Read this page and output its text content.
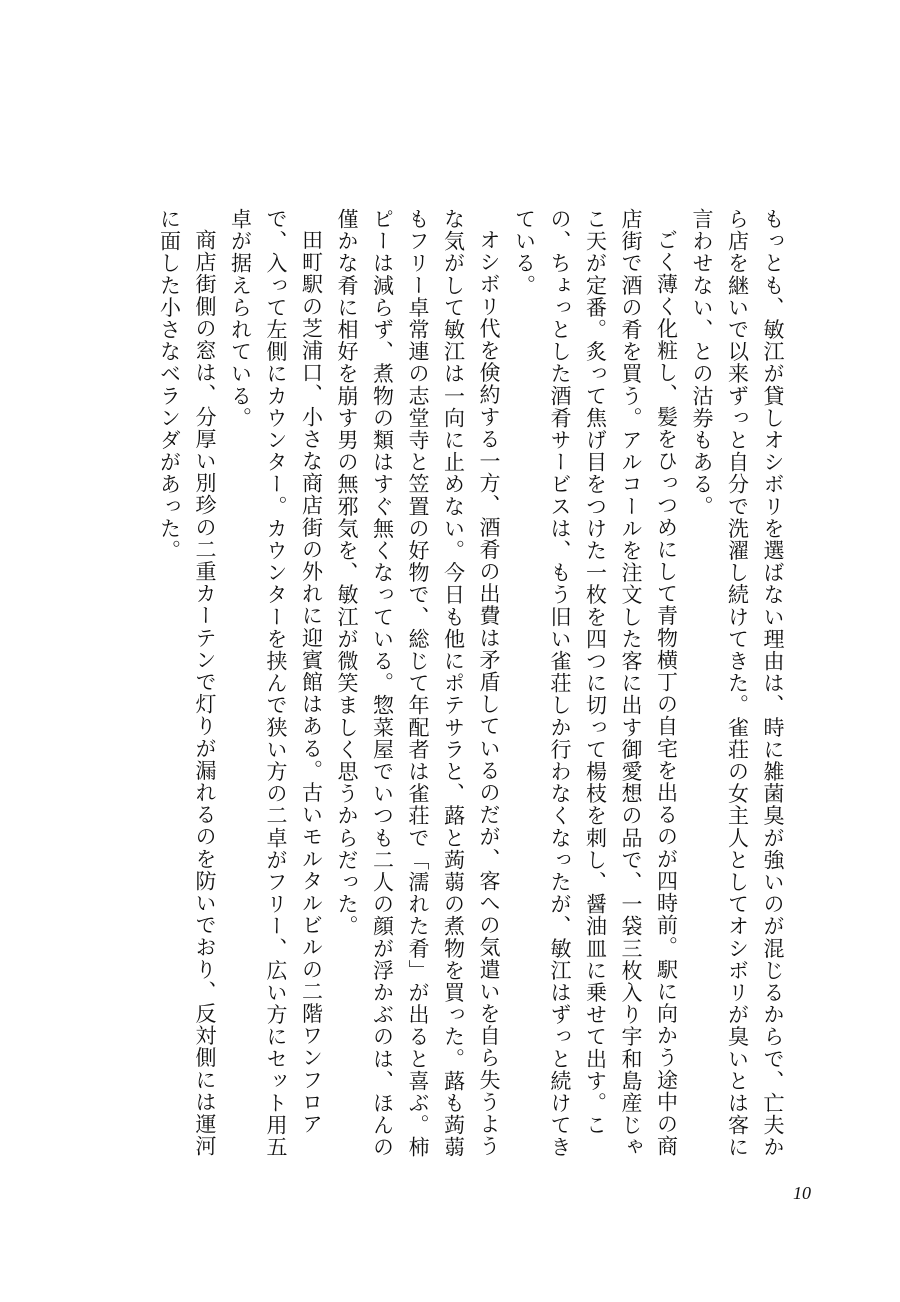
もっとも、敏江が貸しオシボリを選ばない理由は、時に雑菌臭が強いのが混じるからで、亡夫から店を継いで以来ずっと自分で洗濯し続けてきた。雀荘の女主人としてオシボリが臭いとは客に言わせない、との沽券もある。

ごく薄く化粧し、髪をひっつめにして青物横丁の自宅を出るのが四時前。駅に向かう途中の商店街で酒の肴を買う。アルコールを注文した客に出す御愛想の品で、一袋三枚入り宇和島産じゃこ天が定番。炙って焦げ目をつけた一枚を四つに切って楊枝を刺し、醤油皿に乗せて出す。この、ちょっとした酒肴サービスは、もう旧い雀荘しか行わなくなったが、敏江はずっと続けてきている。

オシボリ代を倹約する一方、酒肴の出費は矛盾しているのだが、客への気遣いを自ら失うような気がして敏江は一向に止めない。今日も他にポテサラと、蕗と蒟蒻の煮物を買った。蕗も蒟蒻もフリー卓常連の志堂寺と笠置の好物で、総じて年配者は雀荘で「濡れた肴」が出ると喜ぶ。柿ピーは減らず、煮物の類はすぐ無くなっている。惣菜屋でいつも二人の顔が浮かぶのは、ほんの僅かな肴に相好を崩す男の無邪気を、敏江が微笑ましく思うからだった。

田町駅の芝浦口、小さな商店街の外れに迎賓館はある。古いモルタルビルの二階ワンフロアで、入って左側にカウンター。カウンターを挟んで狭い方の二卓がフリー、広い方にセット用五卓が据えられている。

商店街側の窓は、分厚い別珍の二重カーテンで灯りが漏れるのを防いでおり、反対側には運河に面した小さなベランダがあった。

10
